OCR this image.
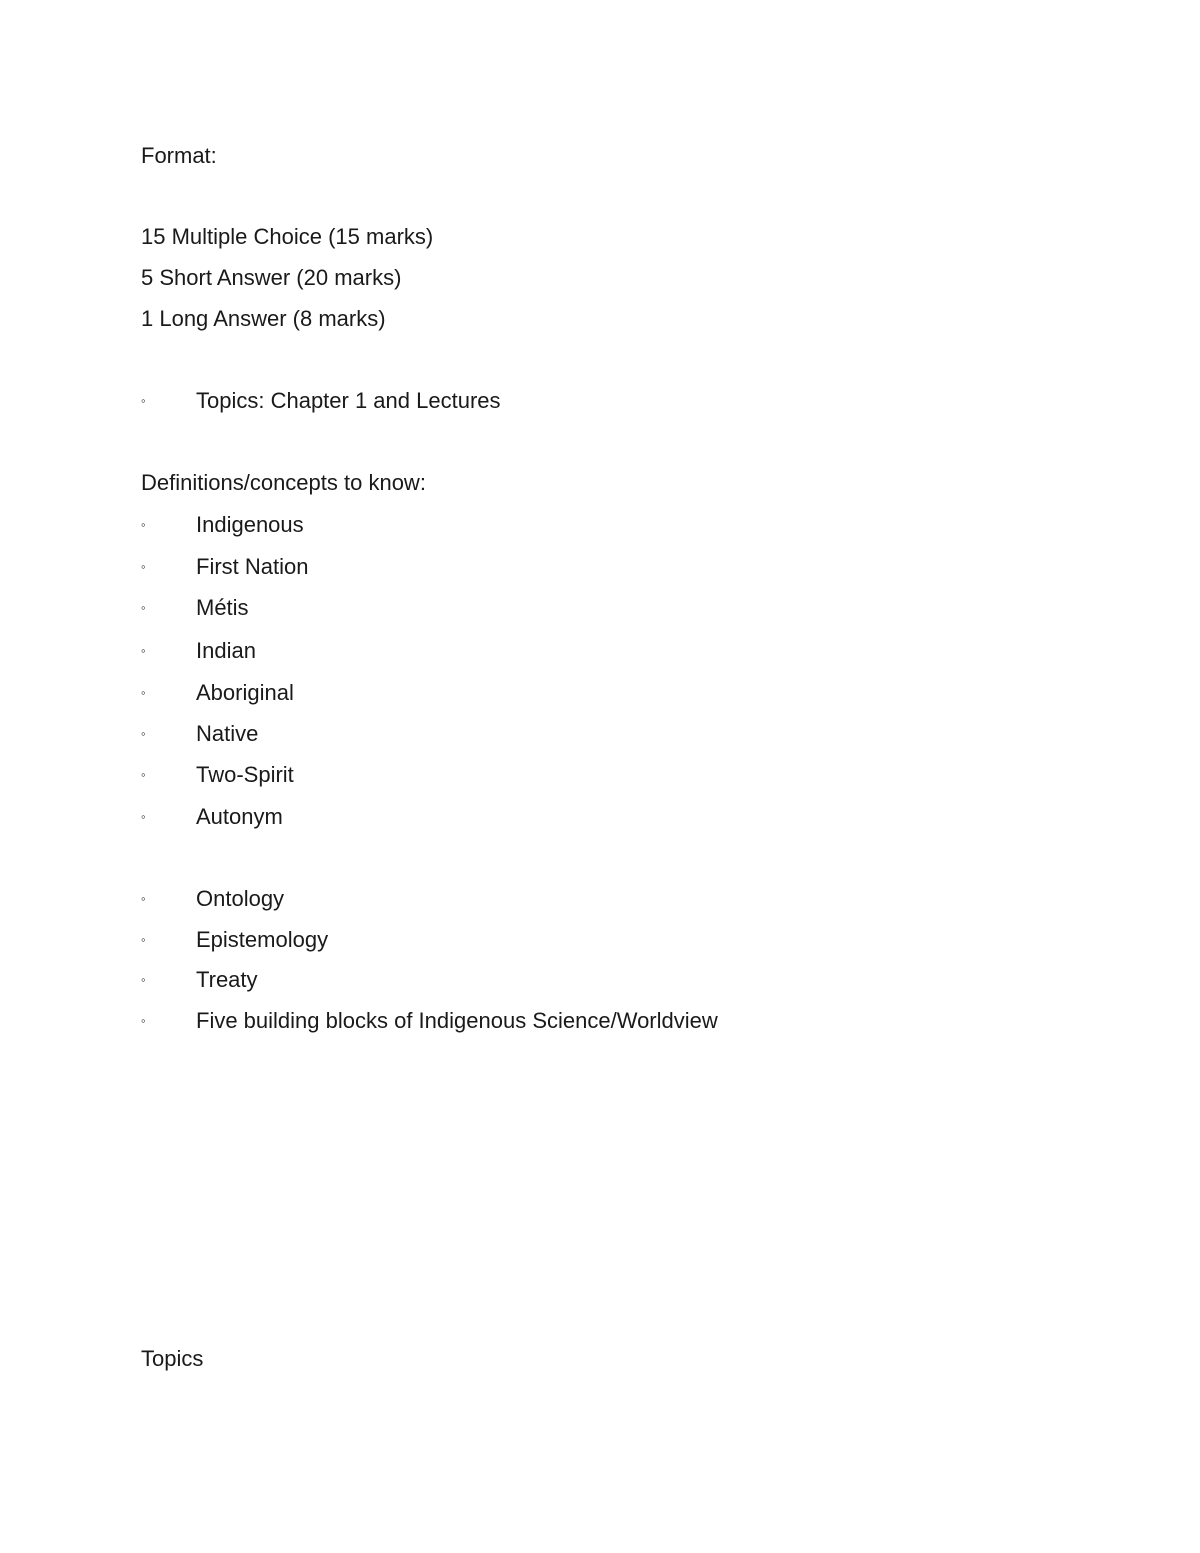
Format:
15 Multiple Choice (15 marks)
5 Short Answer (20 marks)
1 Long Answer (8 marks)
◦	Topics: Chapter 1 and Lectures
Definitions/concepts to know:
◦	Indigenous
◦	First Nation
◦	Métis
◦	Indian
◦	Aboriginal
◦	Native
◦	Two-Spirit
◦	Autonym
◦	Ontology
◦	Epistemology
◦	Treaty
◦	Five building blocks of Indigenous Science/Worldview
Topics
